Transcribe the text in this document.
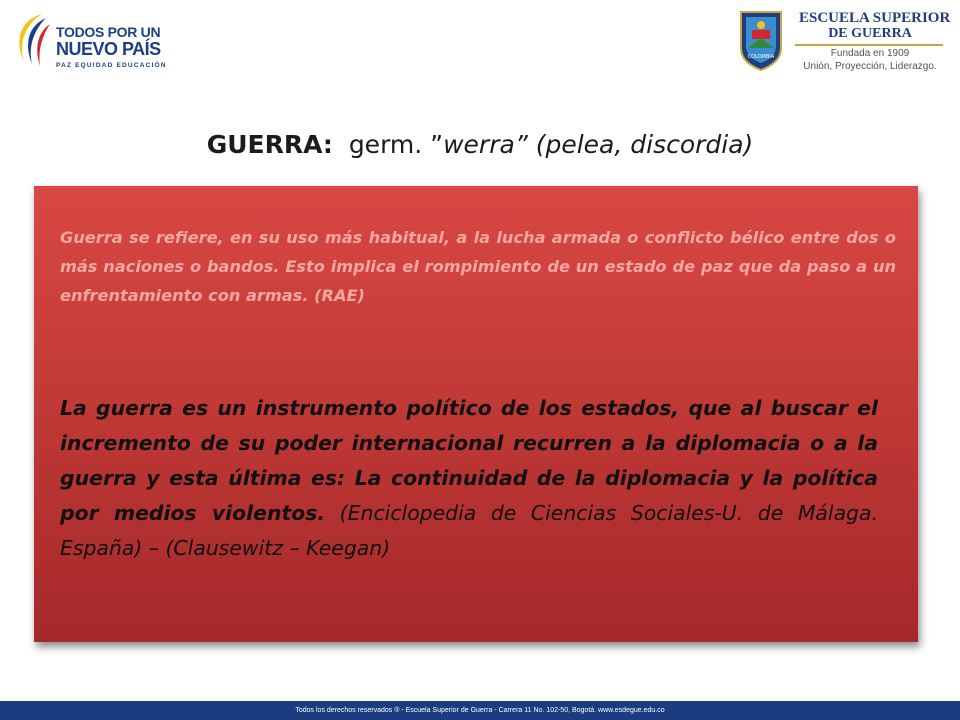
TODOS POR UN
NUEVO PAÍS
PAZ EQUIDAD EDUCACIÓN
COLOMBIA
ESCUELA SUPERIOR
DE GUERRA
Fundada en 1909
Unión, Proyección, Liderazgo.
GUERRA: germ. ”werra” (pelea, discordia)
Guerra se refiere, en su uso más habitual, a la lucha armada o conflicto bélico entre dos o más naciones o bandos. Esto implica el rompimiento de un estado de paz que da paso a un enfrentamiento con armas. (RAE)
La guerra es un instrumento político de los estados, que al buscar el incremento de su poder internacional recurren a la diplomacia o a la guerra y esta última es: La continuidad de la diplomacia y la política por medios violentos. (Enciclopedia de Ciencias Sociales-U. de Málaga. España) – (Clausewitz – Keegan)
Todos los derechos reservados ® - Escuela Superior de Guerra - Carrera 11 No. 102-50, Bogotá. www.esdegue.edu.co
